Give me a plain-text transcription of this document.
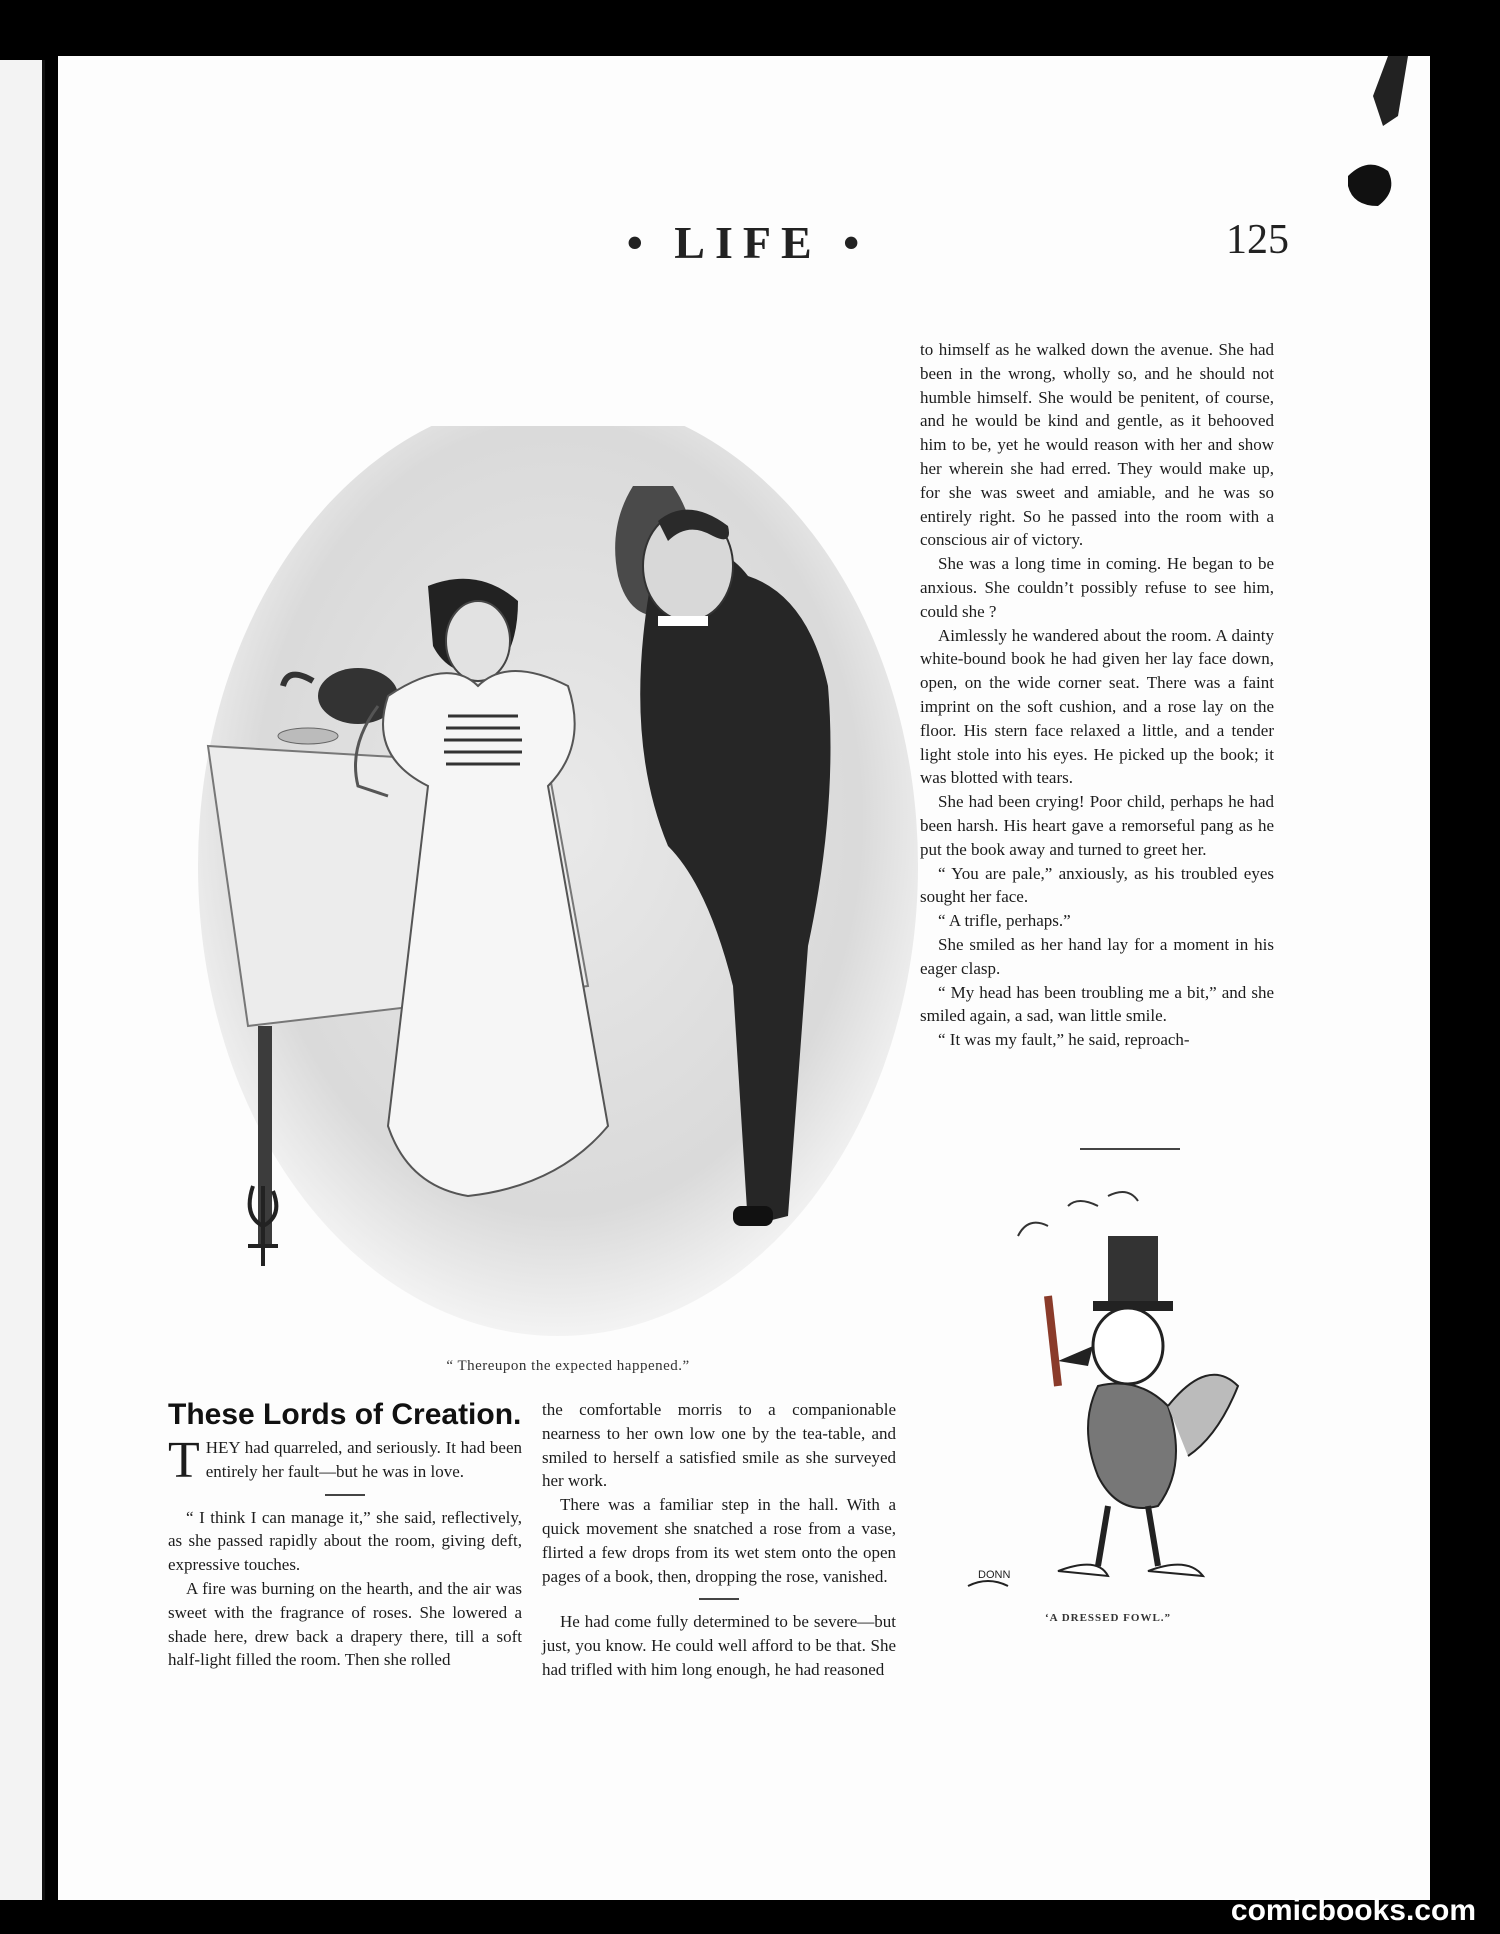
• LIFE •	125
“ Thereupon the expected happened.”

to himself as he walked down the avenue. She had been in the wrong, wholly so, and he should not humble himself. She would be penitent, of course, and he would be kind and gentle, as it behooved him to be, yet he would reason with her and show her wherein she had erred. They would make up, for she was sweet and amiable, and he was so entirely right. So he passed into the room with a conscious air of victory.

She was a long time in coming. He began to be anxious. She couldn’t possibly refuse to see him, could she ?

Aimlessly he wandered about the room. A dainty white-bound book he had given her lay face down, open, on the wide corner seat. There was a faint imprint on the soft cushion, and a rose lay on the floor. His stern face relaxed a little, and a tender light stole into his eyes. He picked up the book; it was blotted with tears.

She had been crying! Poor child, perhaps he had been harsh. His heart gave a remorseful pang as he put the book away and turned to greet her.

“ You are pale,” anxiously, as his troubled eyes sought her face.

“ A trifle, perhaps.”

She smiled as her hand lay for a moment in his eager clasp.

“ My head has been troubling me a bit,” and she smiled again, a sad, wan little smile.

“ It was my fault,” he said, reproach-

These Lords of Creation.

THEY had quarreled, and seriously. It had been entirely her fault—but he was in love.

“ I think I can manage it,” she said, reflectively, as she passed rapidly about the room, giving deft, expressive touches.

A fire was burning on the hearth, and the air was sweet with the fragrance of roses. She lowered a shade here, drew back a drapery there, till a soft half-light filled the room. Then she rolled

the comfortable morris to a companionable nearness to her own low one by the tea-table, and smiled to herself a satisfied smile as she surveyed her work.

There was a familiar step in the hall. With a quick movement she snatched a rose from a vase, flirted a few drops from its wet stem onto the open pages of a book, then, dropping the rose, vanished.

He had come fully determined to be severe—but just, you know. He could well afford to be that. She had trifled with him long enough, he had reasoned

DONN
‘A DRESSED FOWL.”
comicbooks.com
